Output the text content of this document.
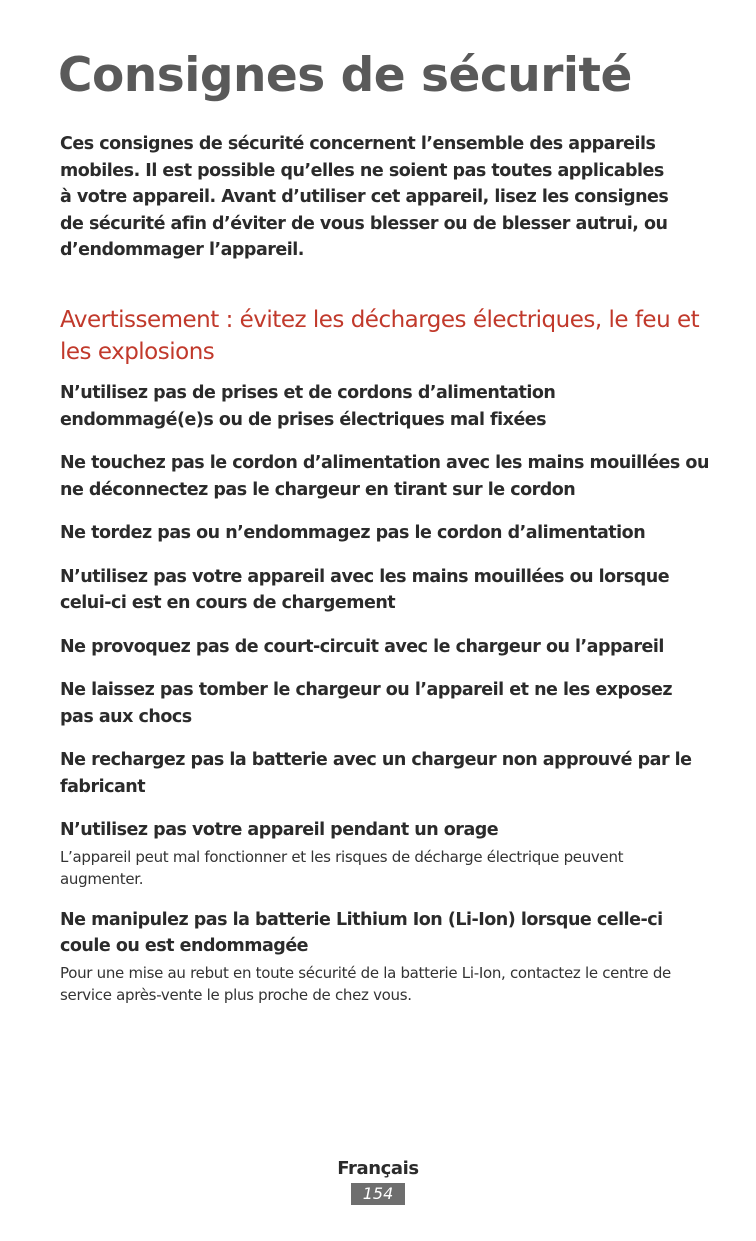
Consignes de sécurité

Ces consignes de sécurité concernent l’ensemble des appareils mobiles. Il est possible qu’elles ne soient pas toutes applicables à votre appareil. Avant d’utiliser cet appareil, lisez les consignes de sécurité afin d’éviter de vous blesser ou de blesser autrui, ou d’endommager l’appareil.

Avertissement : évitez les décharges électriques, le feu et les explosions

N’utilisez pas de prises et de cordons d’alimentation endommagé(e)s ou de prises électriques mal fixées

Ne touchez pas le cordon d’alimentation avec les mains mouillées ou ne déconnectez pas le chargeur en tirant sur le cordon

Ne tordez pas ou n’endommagez pas le cordon d’alimentation

N’utilisez pas votre appareil avec les mains mouillées ou lorsque celui-ci est en cours de chargement

Ne provoquez pas de court-circuit avec le chargeur ou l’appareil

Ne laissez pas tomber le chargeur ou l’appareil et ne les exposez pas aux chocs

Ne rechargez pas la batterie avec un chargeur non approuvé par le fabricant

N’utilisez pas votre appareil pendant un orage

L’appareil peut mal fonctionner et les risques de décharge électrique peuvent augmenter.

Ne manipulez pas la batterie Lithium Ion (Li-Ion) lorsque celle-ci coule ou est endommagée

Pour une mise au rebut en toute sécurité de la batterie Li-Ion, contactez le centre de service après-vente le plus proche de chez vous.

Français
154
